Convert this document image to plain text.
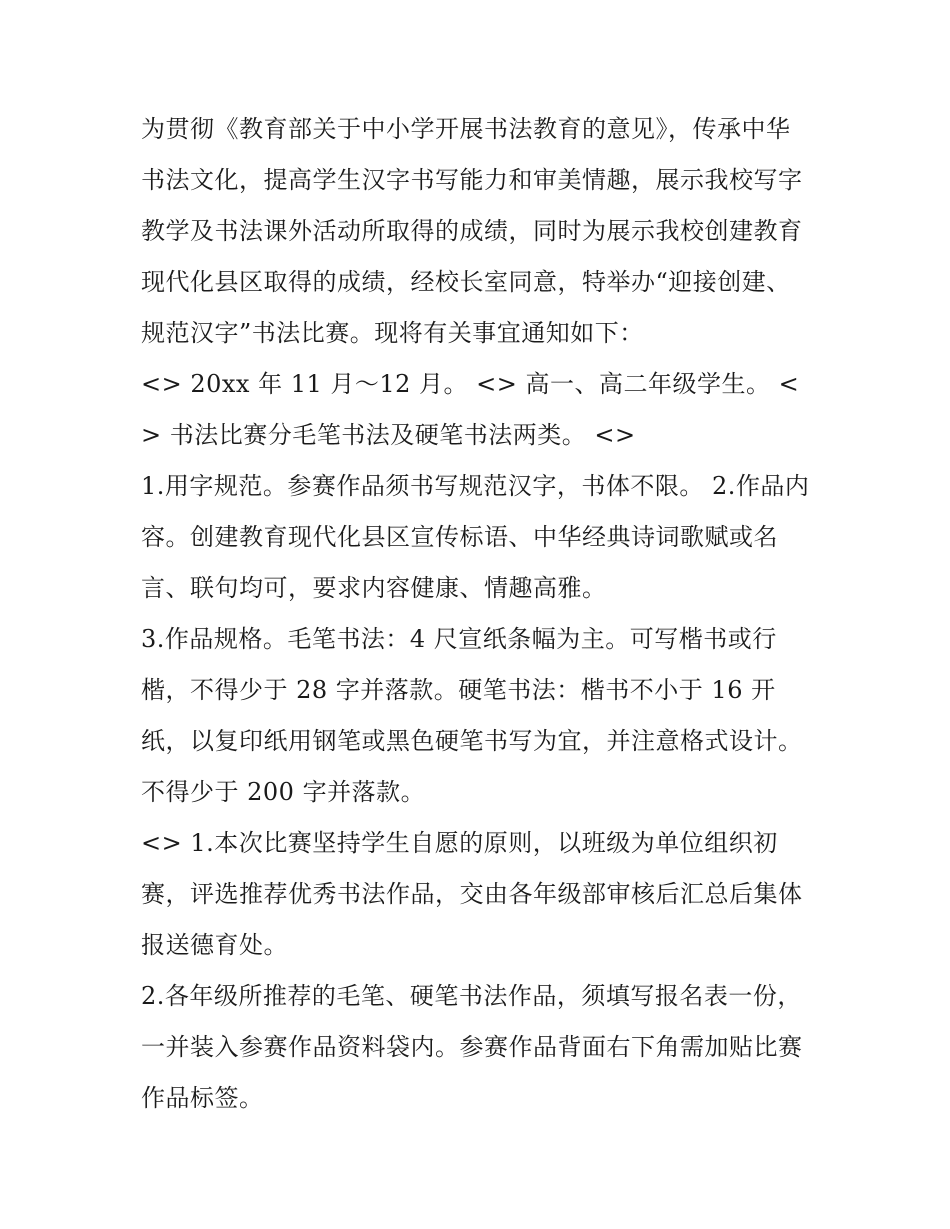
为贯彻《教育部关于中小学开展书法教育的意见》，传承中华书法文化，提高学生汉字书写能力和审美情趣，展示我校写字教学及书法课外活动所取得的成绩，同时为展示我校创建教育现代化县区取得的成绩，经校长室同意，特举办“迎接创建、规范汉字”书法比赛。现将有关事宜通知如下：

<> 20xx 年 11 月～12 月。 <> 高一、高二年级学生。 <> 书法比赛分毛笔书法及硬笔书法两类。 <>

1.用字规范。参赛作品须书写规范汉字，书体不限。 2.作品内容。创建教育现代化县区宣传标语、中华经典诗词歌赋或名言、联句均可，要求内容健康、情趣高雅。

3.作品规格。毛笔书法：4 尺宣纸条幅为主。可写楷书或行楷，不得少于 28 字并落款。硬笔书法：楷书不小于 16 开纸，以复印纸用钢笔或黑色硬笔书写为宜，并注意格式设计。不得少于 200 字并落款。

<> 1.本次比赛坚持学生自愿的原则，以班级为单位组织初赛，评选推荐优秀书法作品，交由各年级部审核后汇总后集体报送德育处。

2.各年级所推荐的毛笔、硬笔书法作品，须填写报名表一份，一并装入参赛作品资料袋内。参赛作品背面右下角需加贴比赛作品标签。
